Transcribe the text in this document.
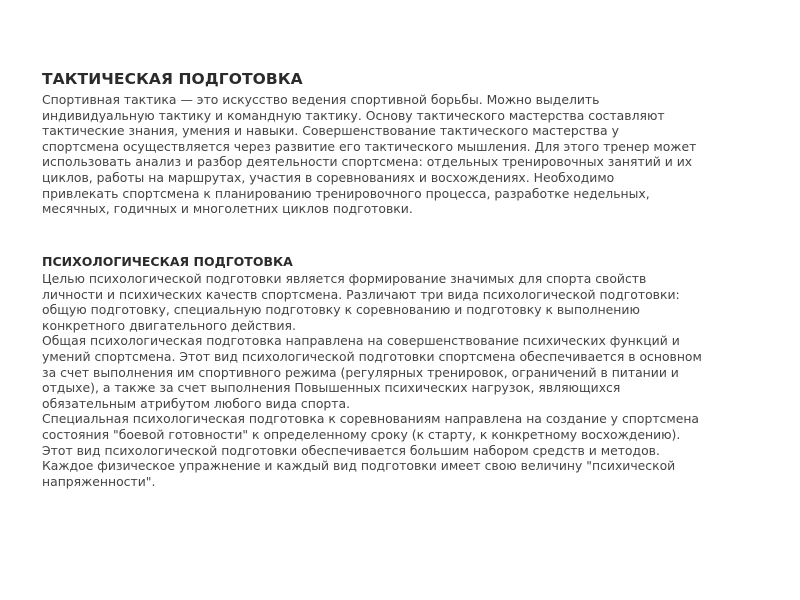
ТАКТИЧЕСКАЯ ПОДГОТОВКА

Спортивная тактика — это искусство ведения спортивной борьбы. Можно выделить
индивидуальную тактику и командную тактику. Основу тактического мастерства составляют
тактические знания, умения и навыки. Совершенствование тактического мастерства у
спортсмена осуществляется через развитие его тактического мышления. Для этого тренер может
использовать анализ и разбор деятельности спортсмена: отдельных тренировочных занятий и их
циклов, работы на маршрутах, участия в соревнованиях и восхождениях. Необходимо
привлекать спортсмена к планированию тренировочного процесса, разработке недельных,
месячных, годичных и многолетних циклов подготовки.

ПСИХОЛОГИЧЕСКАЯ ПОДГОТОВКА

Целью психологической подготовки является формирование значимых для спорта свойств
личности и психических качеств спортсмена. Различают три вида психологической подготовки:
общую подготовку, специальную подготовку к соревнованию и подготовку к выполнению
конкретного двигательного действия.
Общая психологическая подготовка направлена на совершенствование психических функций и
умений спортсмена. Этот вид психологической подготовки спортсмена обеспечивается в основном
за счет выполнения им спортивного режима (регулярных тренировок, ограничений в питании и
отдыхе), а также за счет выполнения Повышенных психических нагрузок, являющихся
обязательным атрибутом любого вида спорта.
Специальная психологическая подготовка к соревнованиям направлена на создание у спортсмена
состояния "боевой готовности" к определенному сроку (к старту, к конкретному восхождению).
Этот вид психологической подготовки обеспечивается большим набором средств и методов.
Каждое физическое упражнение и каждый вид подготовки имеет свою величину "психической
напряженности".
